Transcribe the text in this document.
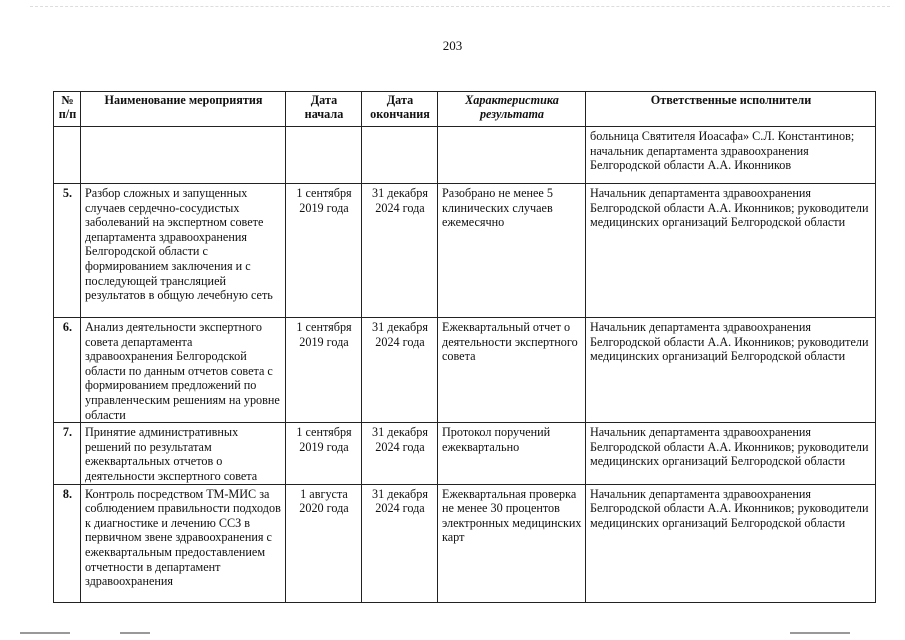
203
№ п/п	Наименование мероприятия	Дата начала	Дата окончания	Характеристика результата	Ответственные исполнители
					больница Святителя Иоасафа» С.Л. Константинов; начальник департамента здравоохранения Белгородской области А.А. Иконников
5.	Разбор сложных и запущенных случаев сердечно-сосудистых заболеваний на экспертном совете департамента здравоохранения Белгородской области с формированием заключения и с последующей трансляцией результатов в общую лечебную сеть	1 сентября 2019 года	31 декабря 2024 года	Разобрано не менее 5 клинических случаев ежемесячно	Начальник департамента здравоохранения Белгородской области А.А. Иконников; руководители медицинских организаций Белгородской области
6.	Анализ деятельности экспертного совета департамента здравоохранения Белгородской области по данным отчетов совета с формированием предложений по управленческим решениям на уровне области	1 сентября 2019 года	31 декабря 2024 года	Ежеквартальный отчет о деятельности экспертного совета	Начальник департамента здравоохранения Белгородской области А.А. Иконников; руководители медицинских организаций Белгородской области
7.	Принятие административных решений по результатам ежеквартальных отчетов о деятельности экспертного совета	1 сентября 2019 года	31 декабря 2024 года	Протокол поручений ежеквартально	Начальник департамента здравоохранения Белгородской области А.А. Иконников; руководители медицинских организаций Белгородской области
8.	Контроль посредством ТМ-МИС за соблюдением правильности подходов к диагностике и лечению ССЗ в первичном звене здравоохранения с ежеквартальным предоставлением отчетности в департамент здравоохранения	1 августа 2020 года	31 декабря 2024 года	Ежеквартальная проверка не менее 30 процентов электронных медицинских карт	Начальник департамента здравоохранения Белгородской области А.А. Иконников; руководители медицинских организаций Белгородской области
